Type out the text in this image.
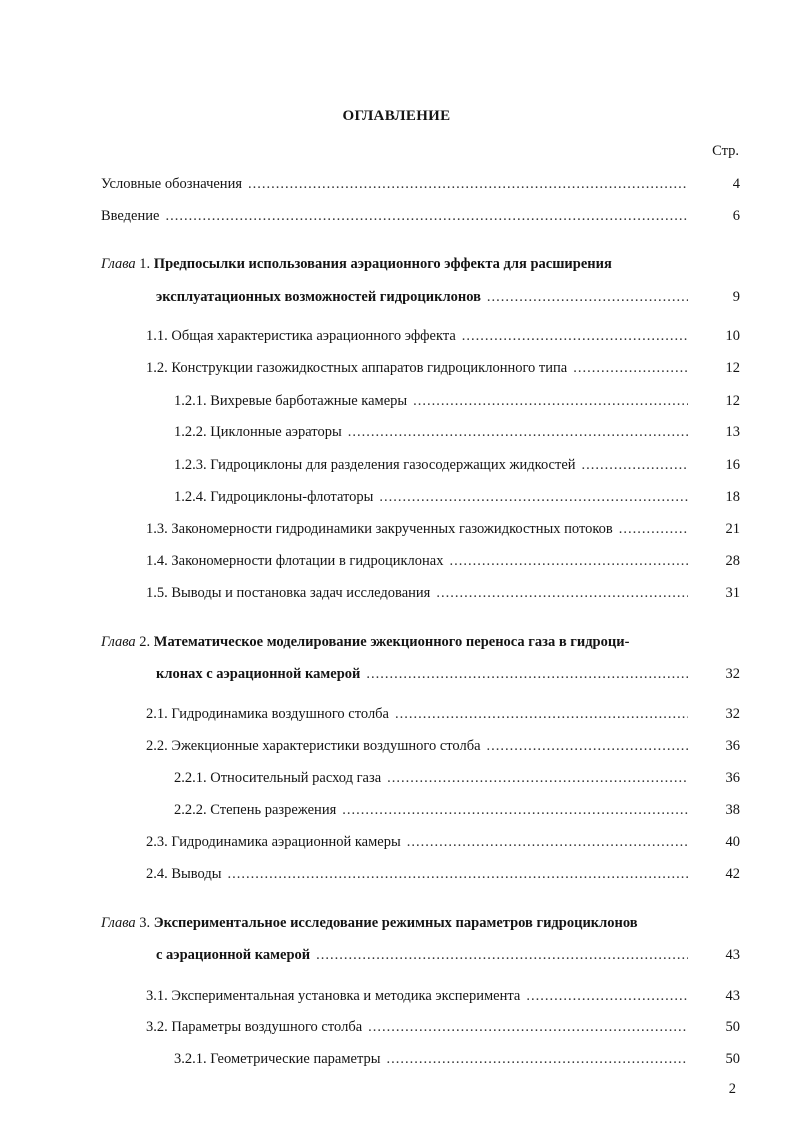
ОГЛАВЛЕНИЕ
Стр.
Условные обозначения .....	4
Введение .....	6
Глава 1. Предпосылки использования аэрационного эффекта для расширения
эксплуатационных возможностей гидроциклонов .....	9
1.1. Общая характеристика аэрационного эффекта .....	10
1.2. Конструкции газожидкостных аппаратов гидроциклонного типа .....	12
1.2.1. Вихревые барботажные камеры .....	12
1.2.2. Циклонные аэраторы .....	13
1.2.3. Гидроциклоны для разделения газосодержащих жидкостей .....	16
1.2.4. Гидроциклоны-флотаторы .....	18
1.3. Закономерности гидродинамики закрученных газожидкостных потоков .....	21
1.4. Закономерности флотации в гидроциклонах .....	28
1.5. Выводы и постановка задач исследования .....	31
Глава 2. Математическое моделирование эжекционного переноса газа в гидроци-
клонах с аэрационной камерой .....	32
2.1. Гидродинамика воздушного столба .....	32
2.2. Эжекционные характеристики воздушного столба .....	36
2.2.1. Относительный расход газа .....	36
2.2.2. Степень разрежения .....	38
2.3. Гидродинамика аэрационной камеры .....	40
2.4. Выводы .....	42
Глава 3. Экспериментальное исследование режимных параметров гидроциклонов
с аэрационной камерой .....	43
3.1. Экспериментальная установка и методика эксперимента .....	43
3.2. Параметры воздушного столба .....	50
3.2.1. Геометрические параметры .....	50
2
